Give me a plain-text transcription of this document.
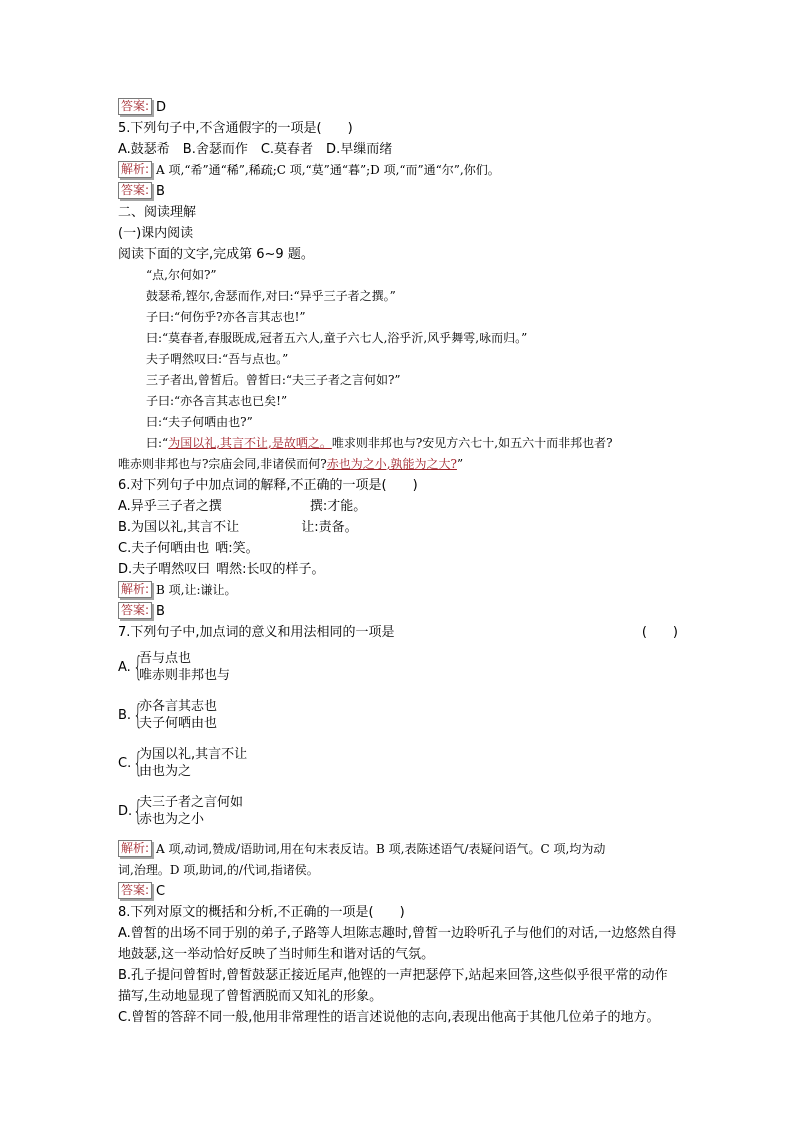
答案: D
5.下列句子中,不含通假字的一项是(　　)
A.鼓瑟希　B.舍瑟而作　C.莫春者　D.早缫而绪
解析: A 项,“希”通“稀”,稀疏;C 项,“莫”通“暮”;D 项,“而”通“尔”,你们。
答案: B
二、阅读理解
(一)课内阅读
阅读下面的文字,完成第 6~9 题。
“点,尔何如?”
鼓瑟希,铿尔,舍瑟而作,对曰:“异乎三子者之撰。”
子曰:“何伤乎?亦各言其志也!”
曰:“莫春者,春服既成,冠者五六人,童子六七人,浴乎沂,风乎舞雩,咏而归。”
夫子喟然叹曰:“吾与点也。”
三子者出,曾皙后。曾皙曰:“夫三子者之言何如?”
子曰:“亦各言其志也已矣!”
曰:“夫子何哂由也?”
曰:“为国以礼,其言不让,是故哂之。唯求则非邦也与?安见方六七十,如五六十而非邦也者?
唯赤则非邦也与?宗庙会同,非诸侯而何?赤也为之小,孰能为之大?”
6.对下列句子中加点词的解释,不正确的一项是(　　)
A.异乎三子者之撰	撰:才能。
B.为国以礼,其言不让	让:责备。
C.夫子何哂由也 哂:笑。
D.夫子喟然叹曰 喟然:长叹的样子。
解析: B 项,让:谦让。
答案: B
7.下列句子中,加点词的意义和用法相同的一项是	(　　)
A. {
吾与点也
唯赤则非邦也与
B. {
亦各言其志也
夫子何哂由也
C. {
为国以礼,其言不让
由也为之
D. {
夫三子者之言何如
赤也为之小
解析: A 项,动词,赞成/语助词,用在句末表反诘。B 项,表陈述语气/表疑问语气。C 项,均为动
词,治理。D 项,助词,的/代词,指诸侯。
答案: C
8.下列对原文的概括和分析,不正确的一项是(　　)
A.曾皙的出场不同于别的弟子,子路等人坦陈志趣时,曾皙一边聆听孔子与他们的对话,一边悠然自得地鼓瑟,这一举动恰好反映了当时师生和谐对话的气氛。
B.孔子提问曾皙时,曾皙鼓瑟正接近尾声,他铿的一声把瑟停下,站起来回答,这些似乎很平常的动作描写,生动地显现了曾皙洒脱而又知礼的形象。
C.曾皙的答辞不同一般,他用非常理性的语言述说他的志向,表现出他高于其他几位弟子的地方。
